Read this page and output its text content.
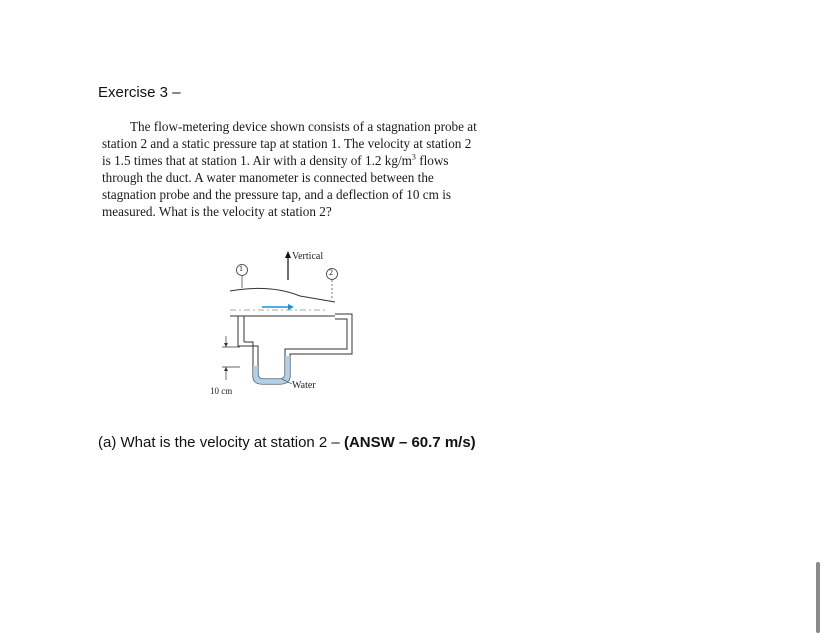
Exercise 3 –

The flow-metering device shown consists of a stagnation probe at station 2 and a static pressure tap at station 1. The velocity at station 2 is 1.5 times that at station 1. Air with a density of 1.2 $kg/m^3$ flows through the duct. A water manometer is connected between the stagnation probe and the pressure tap, and a deflection of 10 cm is measured. What is the velocity at station 2?

Vertical
1	2
Water
10 cm
(a) What is the velocity at station 2 – (ANSW – 60.7 m/s)
